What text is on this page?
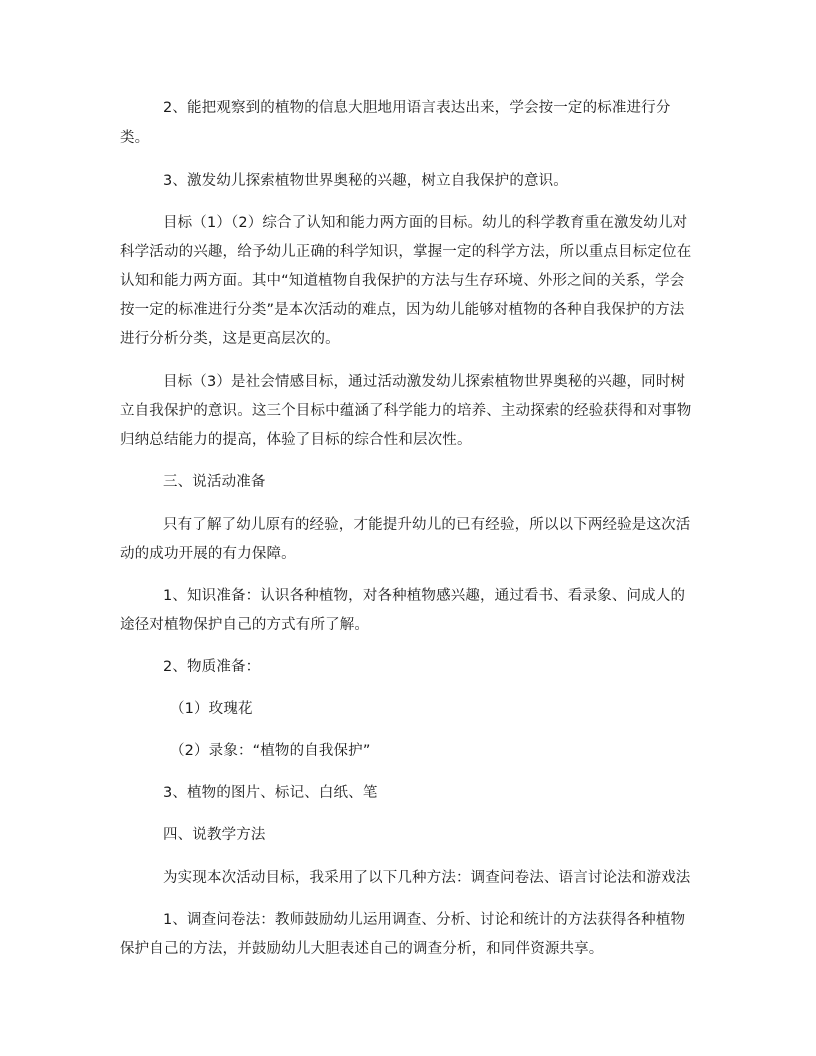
2、能把观察到的植物的信息大胆地用语言表达出来，学会按一定的标准进行分

类。

3、激发幼儿探索植物世界奥秘的兴趣，树立自我保护的意识。

目标（1）（2）综合了认知和能力两方面的目标。幼儿的科学教育重在激发幼儿对

科学活动的兴趣，给予幼儿正确的科学知识，掌握一定的科学方法，所以重点目标定位在

认知和能力两方面。其中“知道植物自我保护的方法与生存环境、外形之间的关系，学会

按一定的标准进行分类”是本次活动的难点，因为幼儿能够对植物的各种自我保护的方法

进行分析分类，这是更高层次的。

目标（3）是社会情感目标，通过活动激发幼儿探索植物世界奥秘的兴趣，同时树

立自我保护的意识。这三个目标中蕴涵了科学能力的培养、主动探索的经验获得和对事物

归纳总结能力的提高，体验了目标的综合性和层次性。

三、说活动准备

只有了解了幼儿原有的经验，才能提升幼儿的已有经验，所以以下两经验是这次活

动的成功开展的有力保障。

1、知识准备：认识各种植物，对各种植物感兴趣，通过看书、看录象、问成人的

途径对植物保护自己的方式有所了解。

2、物质准备：

（1）玫瑰花

（2）录象：“植物的自我保护”

3、植物的图片、标记、白纸、笔

四、说教学方法

为实现本次活动目标，我采用了以下几种方法：调查问卷法、语言讨论法和游戏法

1、调查问卷法：教师鼓励幼儿运用调查、分析、讨论和统计的方法获得各种植物

保护自己的方法，并鼓励幼儿大胆表述自己的调查分析，和同伴资源共享。
